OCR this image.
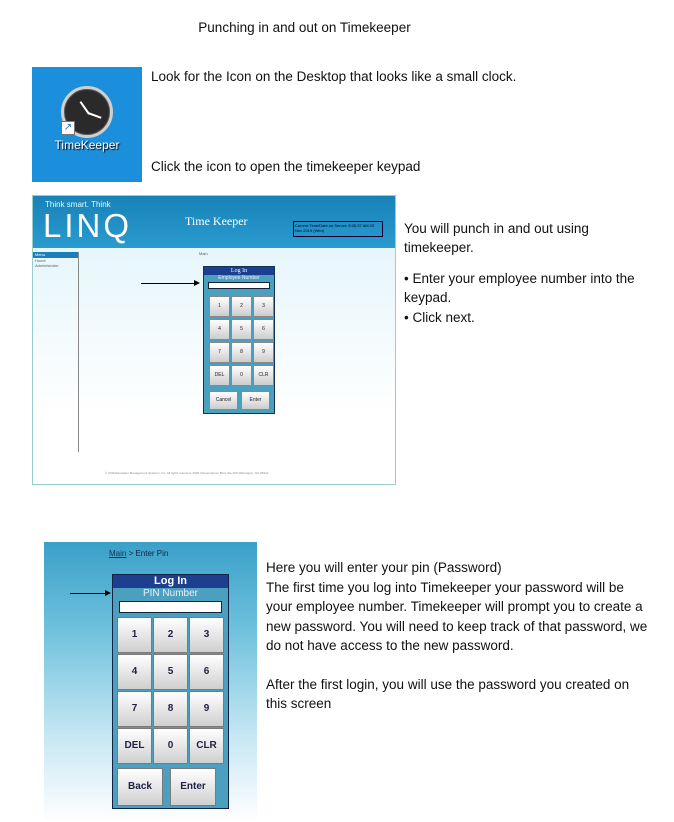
Punching in and out on Timekeeper
↗
TimeKeeper
Look for the Icon on the Desktop that looks like a small clock.
Click the icon to open the timekeeper keypad
Think smart. Think
LINQ	Time Keeper	Current Time/Date on Server: 8:26:37 AM 23 Nov 2019 (Wed)
Menu
Home
Administrator
Main
Log In
Employee Number
1	2	3
4	5	6
7	8	9
DEL	0	CLR
Cancel	Enter
© 2019 Education Management Systems, Inc. All rights reserved. 2026 Independence Blvd, Ste 200 Wilmington, NC 28412
You will punch in and out using
timekeeper.
• Enter your employee number into the
keypad.
• Click next.
Main > Enter Pin
Log In
PIN Number
1	2	3
4	5	6
7	8	9
DEL	0	CLR
Back	Enter
Here you will enter your pin (Password)
The first time you log into Timekeeper your password will be
your employee number. Timekeeper will prompt you to create a
new password. You will need to keep track of that password, we
do not have access to the new password.
After the first login, you will use the password you created on
this screen
